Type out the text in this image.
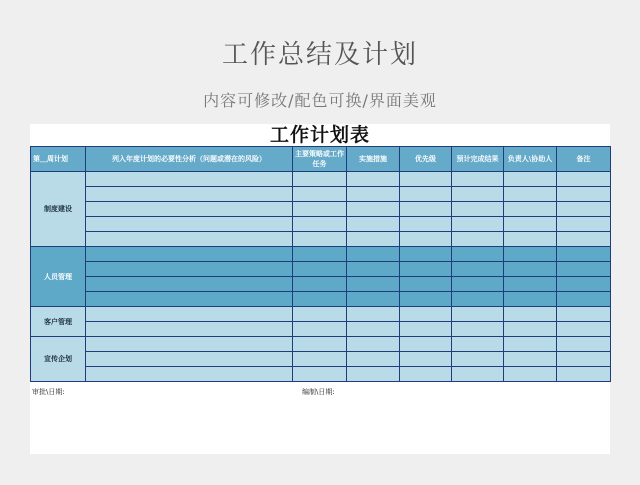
工作总结及计划
内容可修改/配色可换/界面美观
工作计划表
第＿周计划	列入年度计划的必要性分析（问题或潜在的风险）	主要策略或工作任务	实施措施	优先级	预计完成结果	负责人\协助人	备注
制度建设							

人员管理							

客户管理							

宣传企划							

审批\日期:	编制\日期:
